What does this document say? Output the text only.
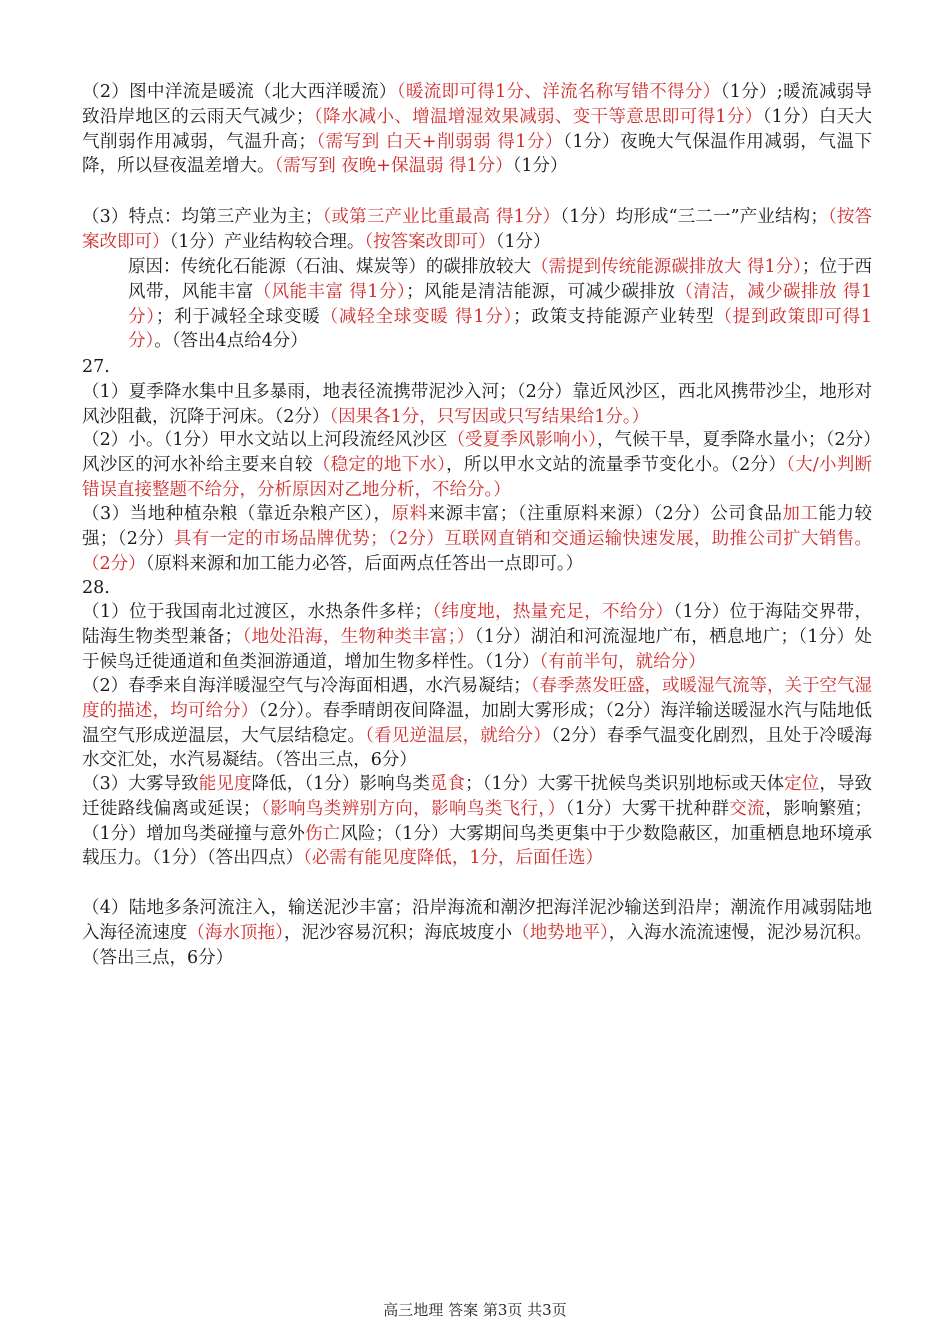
（2）图中洋流是暖流（北大西洋暖流）（暖流即可得1分、洋流名称写错不得分）（1分）;暖流减弱导致沿岸地区的云雨天气减少；（降水减小、增温增湿效果减弱、变干等意思即可得1分）（1分）白天大气削弱作用减弱，气温升高；（需写到 白天+削弱弱 得1分）（1分）夜晚大气保温作用减弱，气温下降，所以昼夜温差增大。（需写到 夜晚+保温弱 得1分）（1分）
（3）特点：均第三产业为主；（或第三产业比重最高 得1分）（1分）均形成“三二一”产业结构；（按答案改即可）（1分）产业结构较合理。（按答案改即可）（1分）
原因：传统化石能源（石油、煤炭等）的碳排放较大（需提到传统能源碳排放大 得1分）；位于西风带，风能丰富（风能丰富 得1分）；风能是清洁能源，可减少碳排放（清洁，减少碳排放 得1分）；利于减轻全球变暖（减轻全球变暖 得1分）；政策支持能源产业转型（提到政策即可得1分）。（答出4点给4分）
27.
（1）夏季降水集中且多暴雨，地表径流携带泥沙入河；（2分）靠近风沙区，西北风携带沙尘，地形对风沙阻截，沉降于河床。（2分）（因果各1分，只写因或只写结果给1分。）
（2）小。（1分）甲水文站以上河段流经风沙区（受夏季风影响小），气候干旱，夏季降水量小；（2分）风沙区的河水补给主要来自较（稳定的地下水），所以甲水文站的流量季节变化小。（2分）（大/小判断错误直接整题不给分，分析原因对乙地分析，不给分。）
（3）当地种植杂粮（靠近杂粮产区），原料来源丰富；（注重原料来源）（2分）公司食品加工能力较强；（2分）具有一定的市场品牌优势；（2分）互联网直销和交通运输快速发展，助推公司扩大销售。（2分）（原料来源和加工能力必答，后面两点任答出一点即可。）
28.
（1）位于我国南北过渡区，水热条件多样；（纬度地，热量充足，不给分）（1分）位于海陆交界带，陆海生物类型兼备；（地处沿海，生物种类丰富；）（1分）湖泊和河流湿地广布，栖息地广；（1分）处于候鸟迁徙通道和鱼类洄游通道，增加生物多样性。（1分）（有前半句，就给分）
（2）春季来自海洋暖湿空气与冷海面相遇，水汽易凝结；（春季蒸发旺盛，或暖湿气流等，关于空气湿度的描述，均可给分）（2分）。春季晴朗夜间降温，加剧大雾形成；（2分）海洋输送暖湿水汽与陆地低温空气形成逆温层，大气层结稳定。（看见逆温层，就给分）（2分）春季气温变化剧烈，且处于冷暖海水交汇处，水汽易凝结。（答出三点，6分）
（3）大雾导致能见度降低，（1分）影响鸟类觅食；（1分）大雾干扰候鸟类识别地标或天体定位，导致迁徙路线偏离或延误；（影响鸟类辨别方向，影响鸟类飞行，）（1分）大雾干扰种群交流，影响繁殖；（1分）增加鸟类碰撞与意外伤亡风险；（1分）大雾期间鸟类更集中于少数隐蔽区，加重栖息地环境承载压力。（1分）（答出四点）（必需有能见度降低，1分，后面任选）
（4）陆地多条河流注入，输送泥沙丰富；沿岸海流和潮汐把海洋泥沙输送到沿岸；潮流作用减弱陆地入海径流速度（海水顶拖），泥沙容易沉积；海底坡度小（地势地平），入海水流流速慢，泥沙易沉积。（答出三点，6分）
高三地理 答案 第3页 共3页
